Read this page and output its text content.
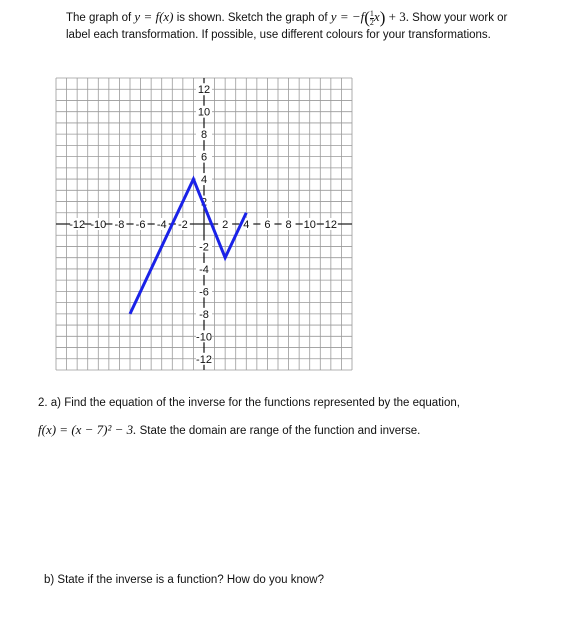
The graph of y = f(x) is shown. Sketch the graph of $y = -f( \frac{1}{2} x) + 3$. Show your work or
label each transformation. If possible, use different colours for your transformations.
-12 -10 -8 -6 -4 -2	2 4 6 8 10 12
12
10
8
6
4
2
-2
-4
-6
-8
-10
-12
2. a) Find the equation of the inverse for the functions represented by the equation,
f(x) = (x − 7)² − 3. State the domain are range of the function and inverse.
b) State if the inverse is a function? How do you know?
